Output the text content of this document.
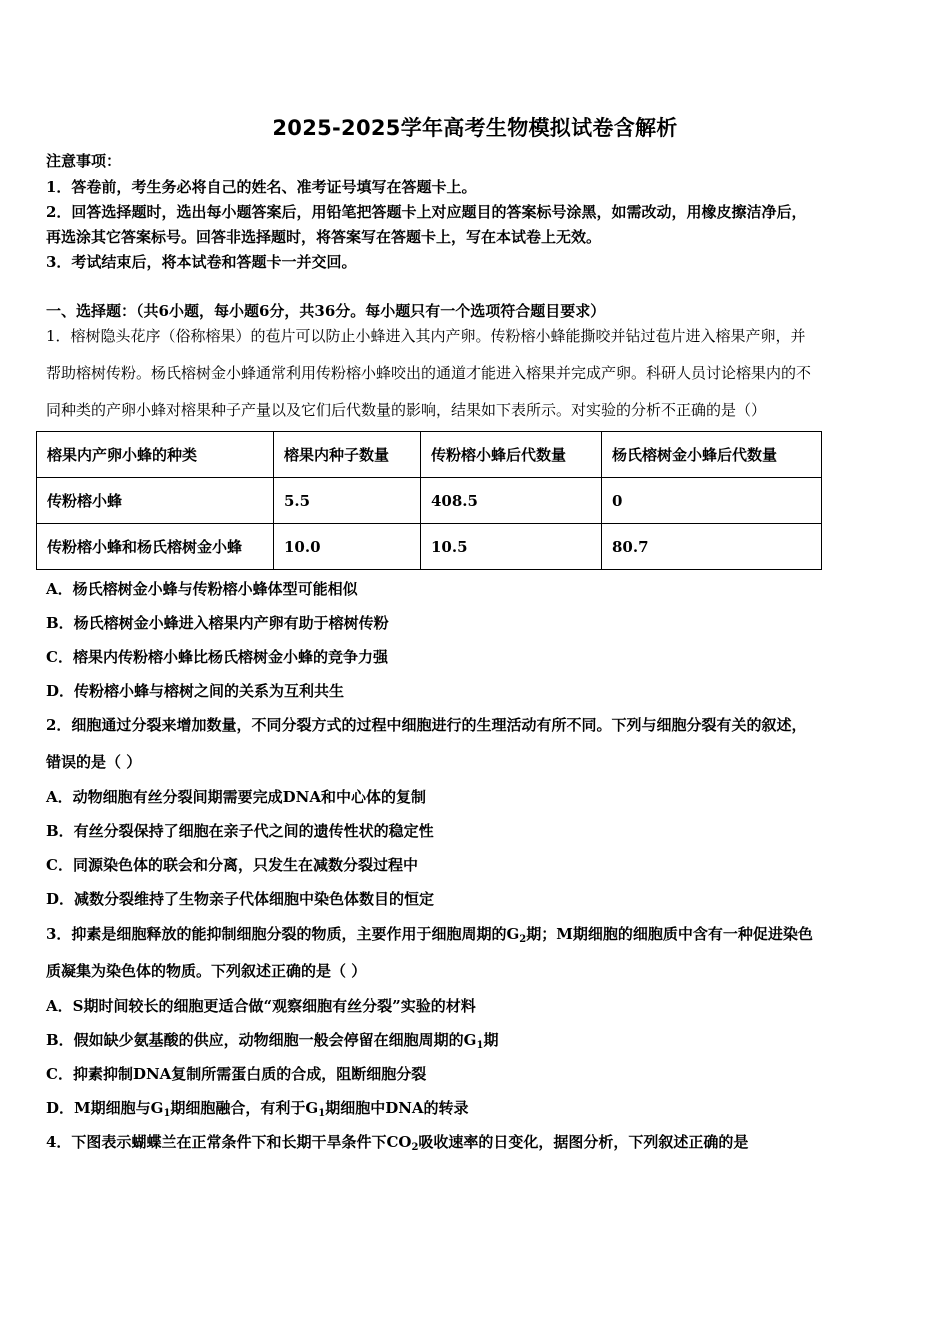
2025-2025学年高考生物模拟试卷含解析
注意事项：
1．答卷前，考生务必将自己的姓名、准考证号填写在答题卡上。
2．回答选择题时，选出每小题答案后，用铅笔把答题卡上对应题目的答案标号涂黑，如需改动，用橡皮擦洁净后，
再选涂其它答案标号。回答非选择题时，将答案写在答题卡上，写在本试卷上无效。
3．考试结束后，将本试卷和答题卡一并交回。
一、选择题：（共6小题，每小题6分，共36分。每小题只有一个选项符合题目要求）
1．榕树隐头花序（俗称榕果）的苞片可以防止小蜂进入其内产卵。传粉榕小蜂能撕咬并钻过苞片进入榕果产卵，并
帮助榕树传粉。杨氏榕树金小蜂通常利用传粉榕小蜂咬出的通道才能进入榕果并完成产卵。科研人员讨论榕果内的不
同种类的产卵小蜂对榕果种子产量以及它们后代数量的影响，结果如下表所示。对实验的分析不正确的是（）
榕果内产卵小蜂的种类	榕果内种子数量	传粉榕小蜂后代数量	杨氏榕树金小蜂后代数量
传粉榕小蜂	5.5	408.5	0
传粉榕小蜂和杨氏榕树金小蜂	10.0	10.5	80.7
A．杨氏榕树金小蜂与传粉榕小蜂体型可能相似
B．杨氏榕树金小蜂进入榕果内产卵有助于榕树传粉
C．榕果内传粉榕小蜂比杨氏榕树金小蜂的竞争力强
D．传粉榕小蜂与榕树之间的关系为互利共生
2．细胞通过分裂来增加数量，不同分裂方式的过程中细胞进行的生理活动有所不同。下列与细胞分裂有关的叙述，
错误的是（ ）
A．动物细胞有丝分裂间期需要完成DNA和中心体的复制
B．有丝分裂保持了细胞在亲子代之间的遗传性状的稳定性
C．同源染色体的联会和分离，只发生在减数分裂过程中
D．减数分裂维持了生物亲子代体细胞中染色体数目的恒定
3．抑素是细胞释放的能抑制细胞分裂的物质，主要作用于细胞周期的$G_2$期；M期细胞的细胞质中含有一种促进染色
质凝集为染色体的物质。下列叙述正确的是（ ）
A．S期时间较长的细胞更适合做“观察细胞有丝分裂”实验的材料
B．假如缺少氨基酸的供应，动物细胞一般会停留在细胞周期的$G_1$期
C．抑素抑制DNA复制所需蛋白质的合成，阻断细胞分裂
D．M期细胞与$G_1$期细胞融合，有利于$G_1$期细胞中DNA的转录
4．下图表示蝴蝶兰在正常条件下和长期干旱条件下$CO_2$吸收速率的日变化，据图分析，下列叙述正确的是
